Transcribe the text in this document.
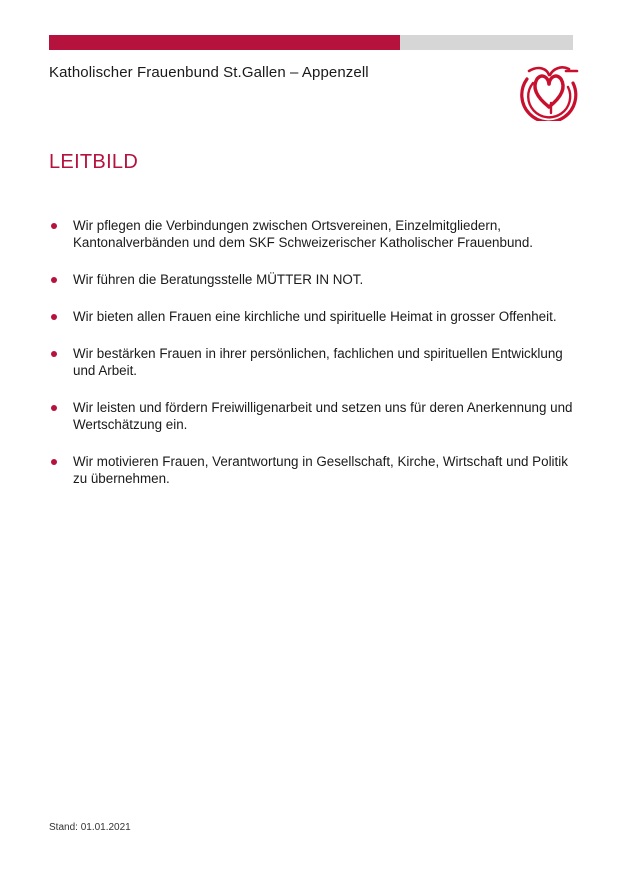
Katholischer Frauenbund St.Gallen – Appenzell
LEITBILD
Wir pflegen die Verbindungen zwischen Ortsvereinen, Einzelmitgliedern, Kantonalverbänden und dem SKF Schweizerischer Katholischer Frauenbund.
Wir führen die Beratungsstelle MÜTTER IN NOT.
Wir bieten allen Frauen eine kirchliche und spirituelle Heimat in grosser Offenheit.
Wir bestärken Frauen in ihrer persönlichen, fachlichen und spirituellen Entwicklung und Arbeit.
Wir leisten und fördern Freiwilligenarbeit und setzen uns für deren Anerkennung und Wertschätzung ein.
Wir motivieren Frauen, Verantwortung in Gesellschaft, Kirche, Wirtschaft und Politik zu übernehmen.
Stand: 01.01.2021
